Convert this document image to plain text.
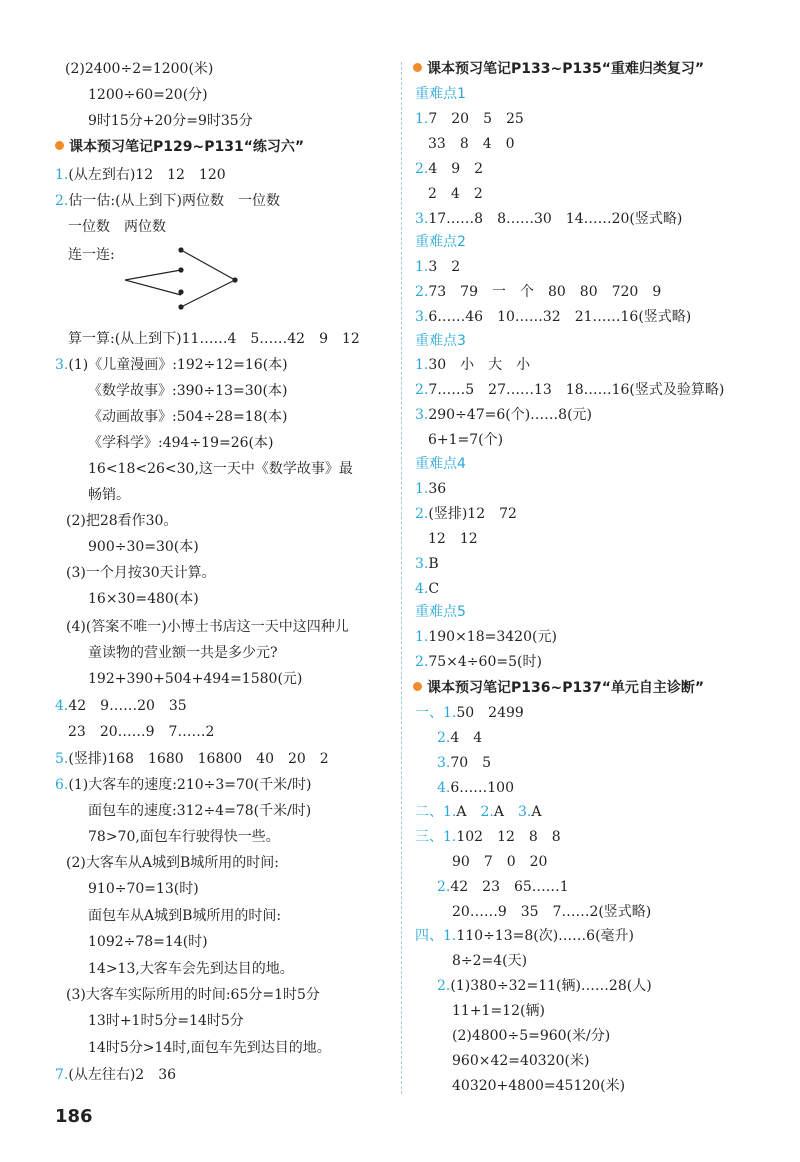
(2)2400÷2=1200(米)
1200÷60=20(分)
9时15分+20分=9时35分
课本预习笔记P129~P131“练习六”
1.(从左到右)12　12　120
2.估一估:(从上到下)两位数　一位数
一位数　两位数
连一连:
算一算:(从上到下)11……4　5……42　9　12
3.(1)《儿童漫画》:192÷12=16(本)
《数学故事》:390÷13=30(本)
《动画故事》:504÷28=18(本)
《学科学》:494÷19=26(本)
16<18<26<30,这一天中《数学故事》最
畅销。
(2)把28看作30。
900÷30=30(本)
(3)一个月按30天计算。
16×30=480(本)
(4)(答案不唯一)小博士书店这一天中这四种儿
童读物的营业额一共是多少元?
192+390+504+494=1580(元)
4.42　9……20　35
23　20……9　7……2
5.(竖排)168　1680　16800　40　20　2
6.(1)大客车的速度:210÷3=70(千米/时)
面包车的速度:312÷4=78(千米/时)
78>70,面包车行驶得快一些。
(2)大客车从A城到B城所用的时间:
910÷70=13(时)
面包车从A城到B城所用的时间:
1092÷78=14(时)
14>13,大客车会先到达目的地。
(3)大客车实际所用的时间:65分=1时5分
13时+1时5分=14时5分
14时5分>14时,面包车先到达目的地。
7.(从左往右)2　36
课本预习笔记P133~P135“重难归类复习”
重难点1
1.7　20　5　25
33　8　4　0
2.4　9　2
2　4　2
3.17……8　8……30　14……20(竖式略)
重难点2
1.3　2
2.73　79　一　个　80　80　720　9
3.6……46　10……32　21……16(竖式略)
重难点3
1.30　小　大　小
2.7……5　27……13　18……16(竖式及验算略)
3.290÷47=6(个)……8(元)
6+1=7(个)
重难点4
1.36
2.(竖排)12　72
12　12
3.B
4.C
重难点5
1.190×18=3420(元)
2.75×4÷60=5(时)
课本预习笔记P136~P137“单元自主诊断”
一、1.50　2499
2.4　4
3.70　5
4.6……100
二、1.A　 2.A　 3.A
三、1.102　12　8　8
90　7　0　20
2.42　23　65……1
20……9　35　7……2(竖式略)
四、1.110÷13=8(次)……6(毫升)
8÷2=4(天)
2.(1)380÷32=11(辆)……28(人)
11+1=12(辆)
(2)4800÷5=960(米/分)
960×42=40320(米)
40320+4800=45120(米)
186
